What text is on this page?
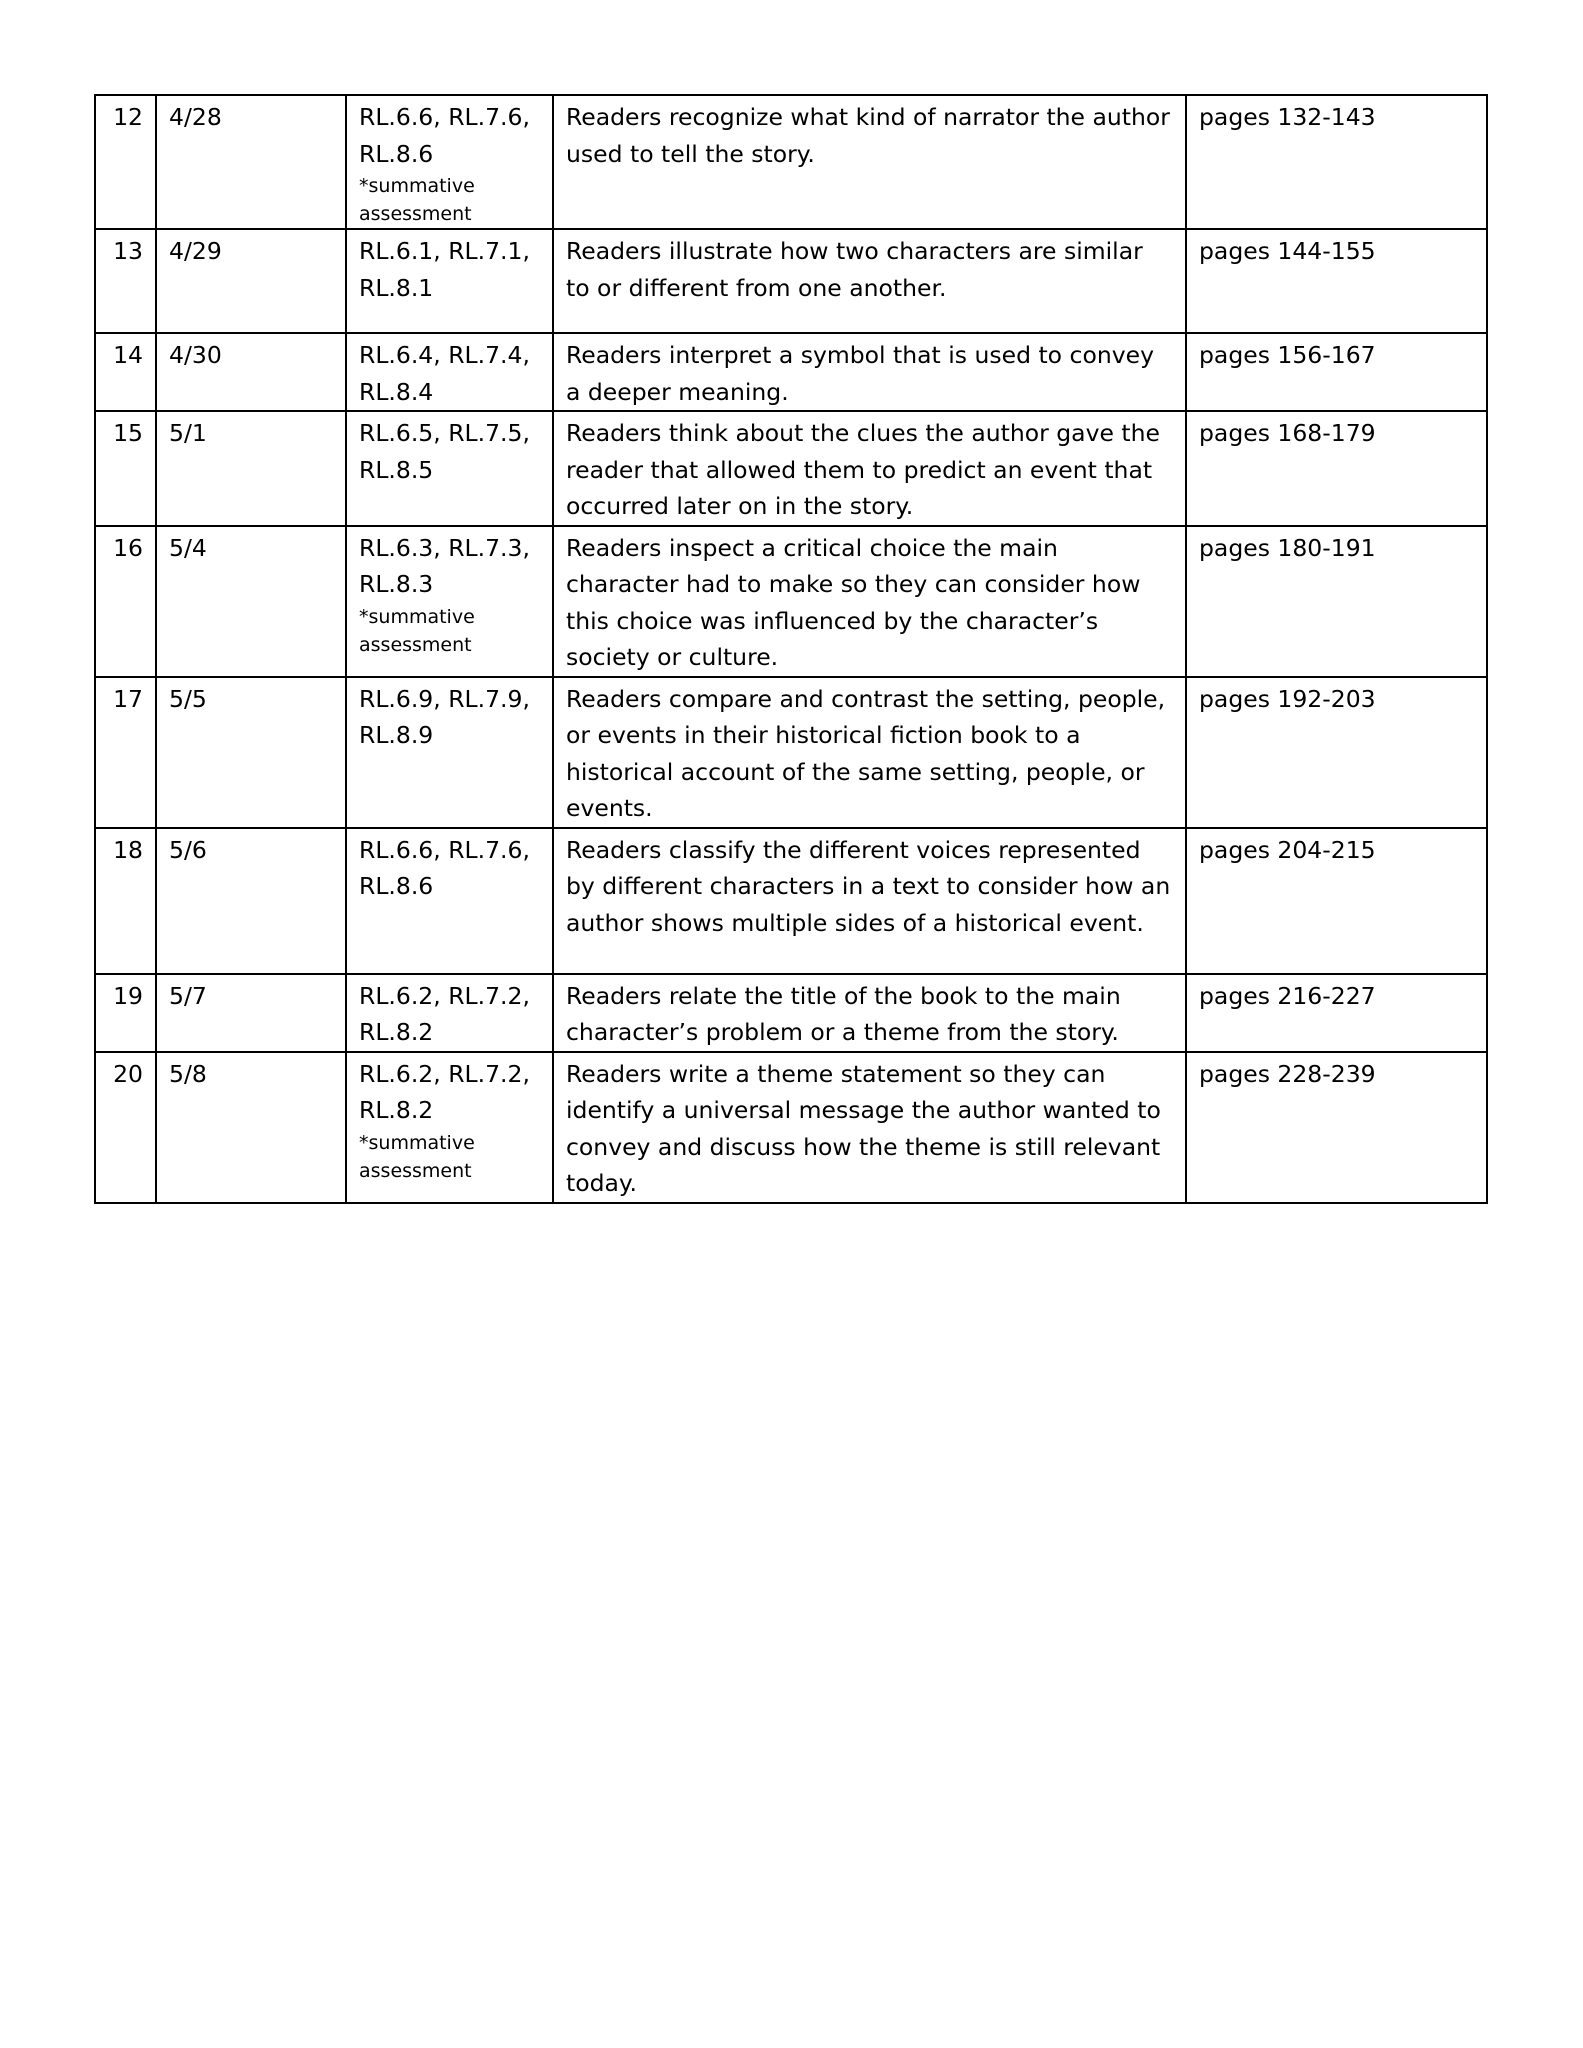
12	4/28	RL.6.6, RL.7.6,
RL.8.6
*summative
assessment	Readers recognize what kind of narrator the author used to tell the story.	pages 132-143
13	4/29	RL.6.1, RL.7.1,
RL.8.1	Readers illustrate how two characters are similar to or different from one another.	pages 144-155
14	4/30	RL.6.4, RL.7.4,
RL.8.4	Readers interpret a symbol that is used to convey a deeper meaning.	pages 156-167
15	5/1	RL.6.5, RL.7.5,
RL.8.5	Readers think about the clues the author gave the reader that allowed them to predict an event that occurred later on in the story.	pages 168-179
16	5/4	RL.6.3, RL.7.3,
RL.8.3
*summative
assessment	Readers inspect a critical choice the main character had to make so they can consider how this choice was influenced by the character’s society or culture.	pages 180-191
17	5/5	RL.6.9, RL.7.9,
RL.8.9	Readers compare and contrast the setting, people, or events in their historical fiction book to a historical account of the same setting, people, or events.	pages 192-203
18	5/6	RL.6.6, RL.7.6,
RL.8.6	Readers classify the different voices represented by different characters in a text to consider how an author shows multiple sides of a historical event.	pages 204-215
19	5/7	RL.6.2, RL.7.2,
RL.8.2	Readers relate the title of the book to the main character’s problem or a theme from the story.	pages 216-227
20	5/8	RL.6.2, RL.7.2,
RL.8.2
*summative
assessment	Readers write a theme statement so they can identify a universal message the author wanted to convey and discuss how the theme is still relevant today.	pages 228-239
